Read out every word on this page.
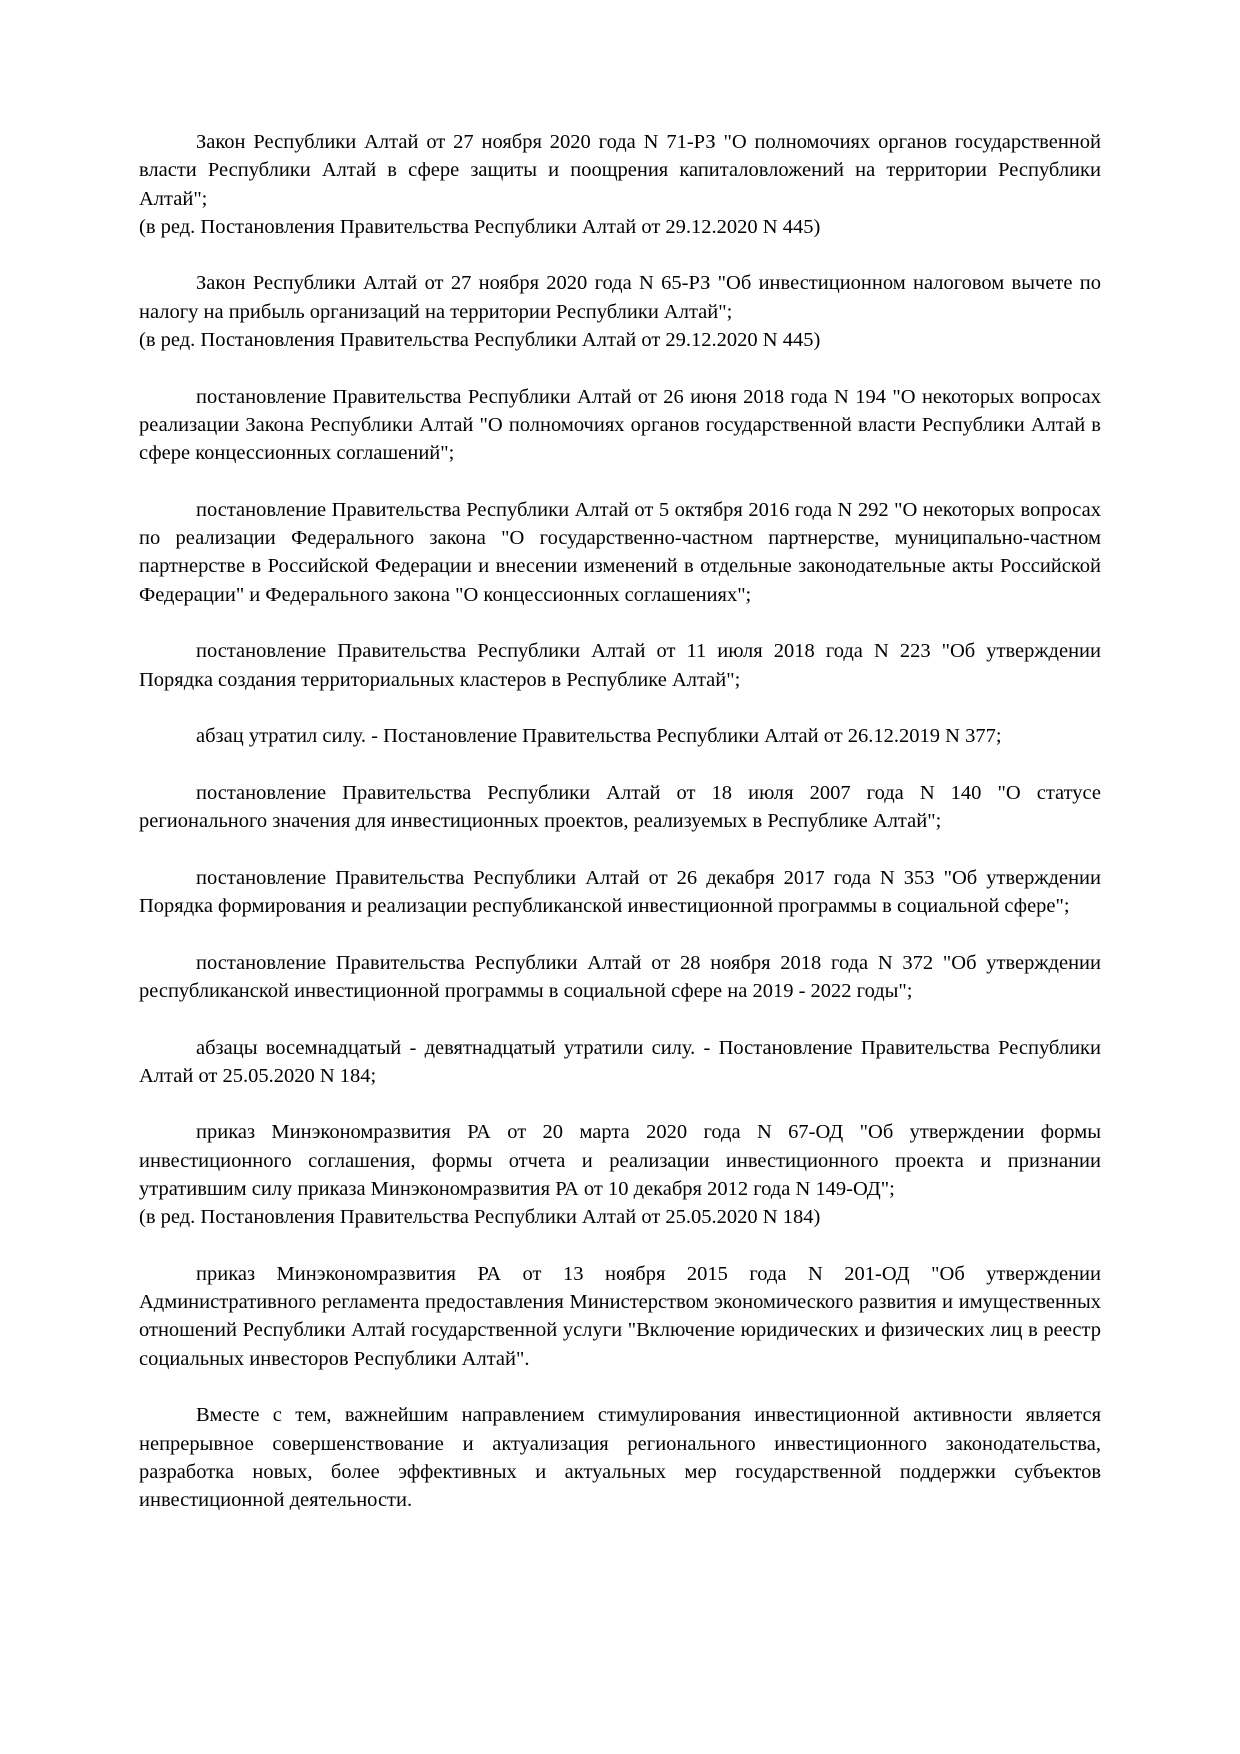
Закон Республики Алтай от 27 ноября 2020 года N 71-РЗ "О полномочиях органов государственной власти Республики Алтай в сфере защиты и поощрения капиталовложений на территории Республики Алтай";

(в ред. Постановления Правительства Республики Алтай от 29.12.2020 N 445)

Закон Республики Алтай от 27 ноября 2020 года N 65-РЗ "Об инвестиционном налоговом вычете по налогу на прибыль организаций на территории Республики Алтай";

(в ред. Постановления Правительства Республики Алтай от 29.12.2020 N 445)

постановление Правительства Республики Алтай от 26 июня 2018 года N 194 "О некоторых вопросах реализации Закона Республики Алтай "О полномочиях органов государственной власти Республики Алтай в сфере концессионных соглашений";

постановление Правительства Республики Алтай от 5 октября 2016 года N 292 "О некоторых вопросах по реализации Федерального закона "О государственно-частном партнерстве, муниципально-частном партнерстве в Российской Федерации и внесении изменений в отдельные законодательные акты Российской Федерации" и Федерального закона "О концессионных соглашениях";

постановление Правительства Республики Алтай от 11 июля 2018 года N 223 "Об утверждении Порядка создания территориальных кластеров в Республике Алтай";

абзац утратил силу. - Постановление Правительства Республики Алтай от 26.12.2019 N 377;

постановление Правительства Республики Алтай от 18 июля 2007 года N 140 "О статусе регионального значения для инвестиционных проектов, реализуемых в Республике Алтай";

постановление Правительства Республики Алтай от 26 декабря 2017 года N 353 "Об утверждении Порядка формирования и реализации республиканской инвестиционной программы в социальной сфере";

постановление Правительства Республики Алтай от 28 ноября 2018 года N 372 "Об утверждении республиканской инвестиционной программы в социальной сфере на 2019 - 2022 годы";

абзацы восемнадцатый - девятнадцатый утратили силу. - Постановление Правительства Республики Алтай от 25.05.2020 N 184;

приказ Минэкономразвития РА от 20 марта 2020 года N 67-ОД "Об утверждении формы инвестиционного соглашения, формы отчета и реализации инвестиционного проекта и признании утратившим силу приказа Минэкономразвития РА от 10 декабря 2012 года N 149-ОД";

(в ред. Постановления Правительства Республики Алтай от 25.05.2020 N 184)

приказ Минэкономразвития РА от 13 ноября 2015 года N 201-ОД "Об утверждении Административного регламента предоставления Министерством экономического развития и имущественных отношений Республики Алтай государственной услуги "Включение юридических и физических лиц в реестр социальных инвесторов Республики Алтай".

Вместе с тем, важнейшим направлением стимулирования инвестиционной активности является непрерывное совершенствование и актуализация регионального инвестиционного законодательства, разработка новых, более эффективных и актуальных мер государственной поддержки субъектов инвестиционной деятельности.
